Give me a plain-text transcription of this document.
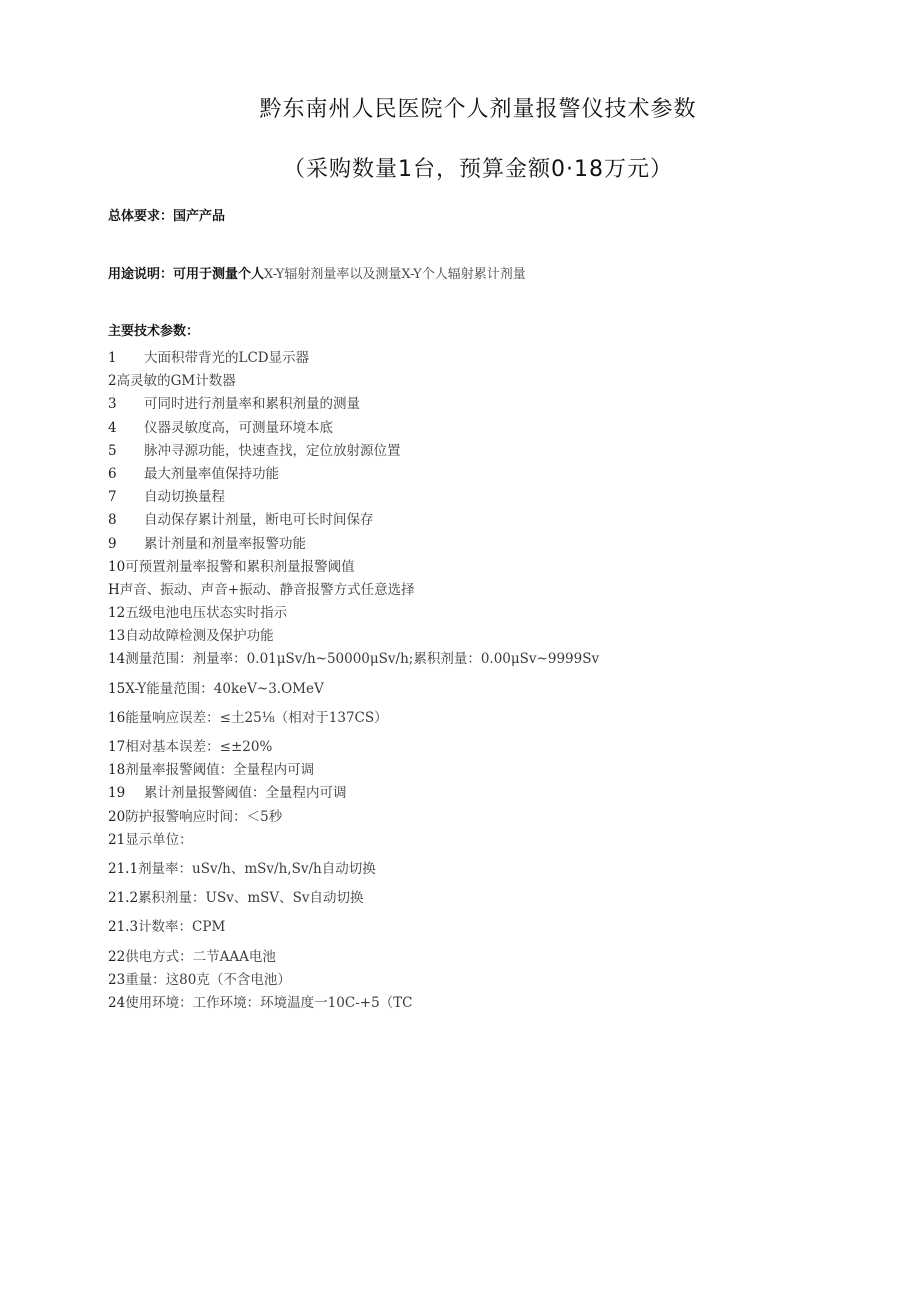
黔东南州人民医院个人剂量报警仪技术参数
（采购数量1台，预算金额0·18万元）
总体要求：国产产品
用途说明：可用于测量个人X-Y辐射剂量率以及测量X-Y个人辐射累计剂量
主要技术参数：
1 大面积带背光的LCD显示器
2高灵敏的GM计数器
3 可同时进行剂量率和累积剂量的测量
4 仪器灵敏度高，可测量环境本底
5 脉冲寻源功能，快速查找，定位放射源位置
6 最大剂量率值保持功能
7 自动切换量程
8 自动保存累计剂量，断电可长时间保存
9 累计剂量和剂量率报警功能
10可预置剂量率报警和累积剂量报警阈值
H声音、振动、声音+振动、静音报警方式任意选择
12五级电池电压状态实时指示
13自动故障检测及保护功能
14测量范围：剂量率：0.01μSv/h~50000μSv/h;累积剂量：0.00μSv~9999Sv
15X-Y能量范围：40keV~3.OMeV
16能量响应误差：≤土25⅛（相对于137CS）
17相对基本误差：≤±20%
18剂量率报警阈值：全量程内可调
19 累计剂量报警阈值：全量程内可调
20防护报警响应时间：＜5秒
21显示单位：
21.1剂量率：uSv/h、mSv/h,Sv/h自动切换
21.2累积剂量：USv、mSV、Sv自动切换
21.3计数率：CPM
22供电方式：二节AAA电池
23重量：这80克（不含电池）
24使用环境：工作环境：环境温度一10C-+5（TC
